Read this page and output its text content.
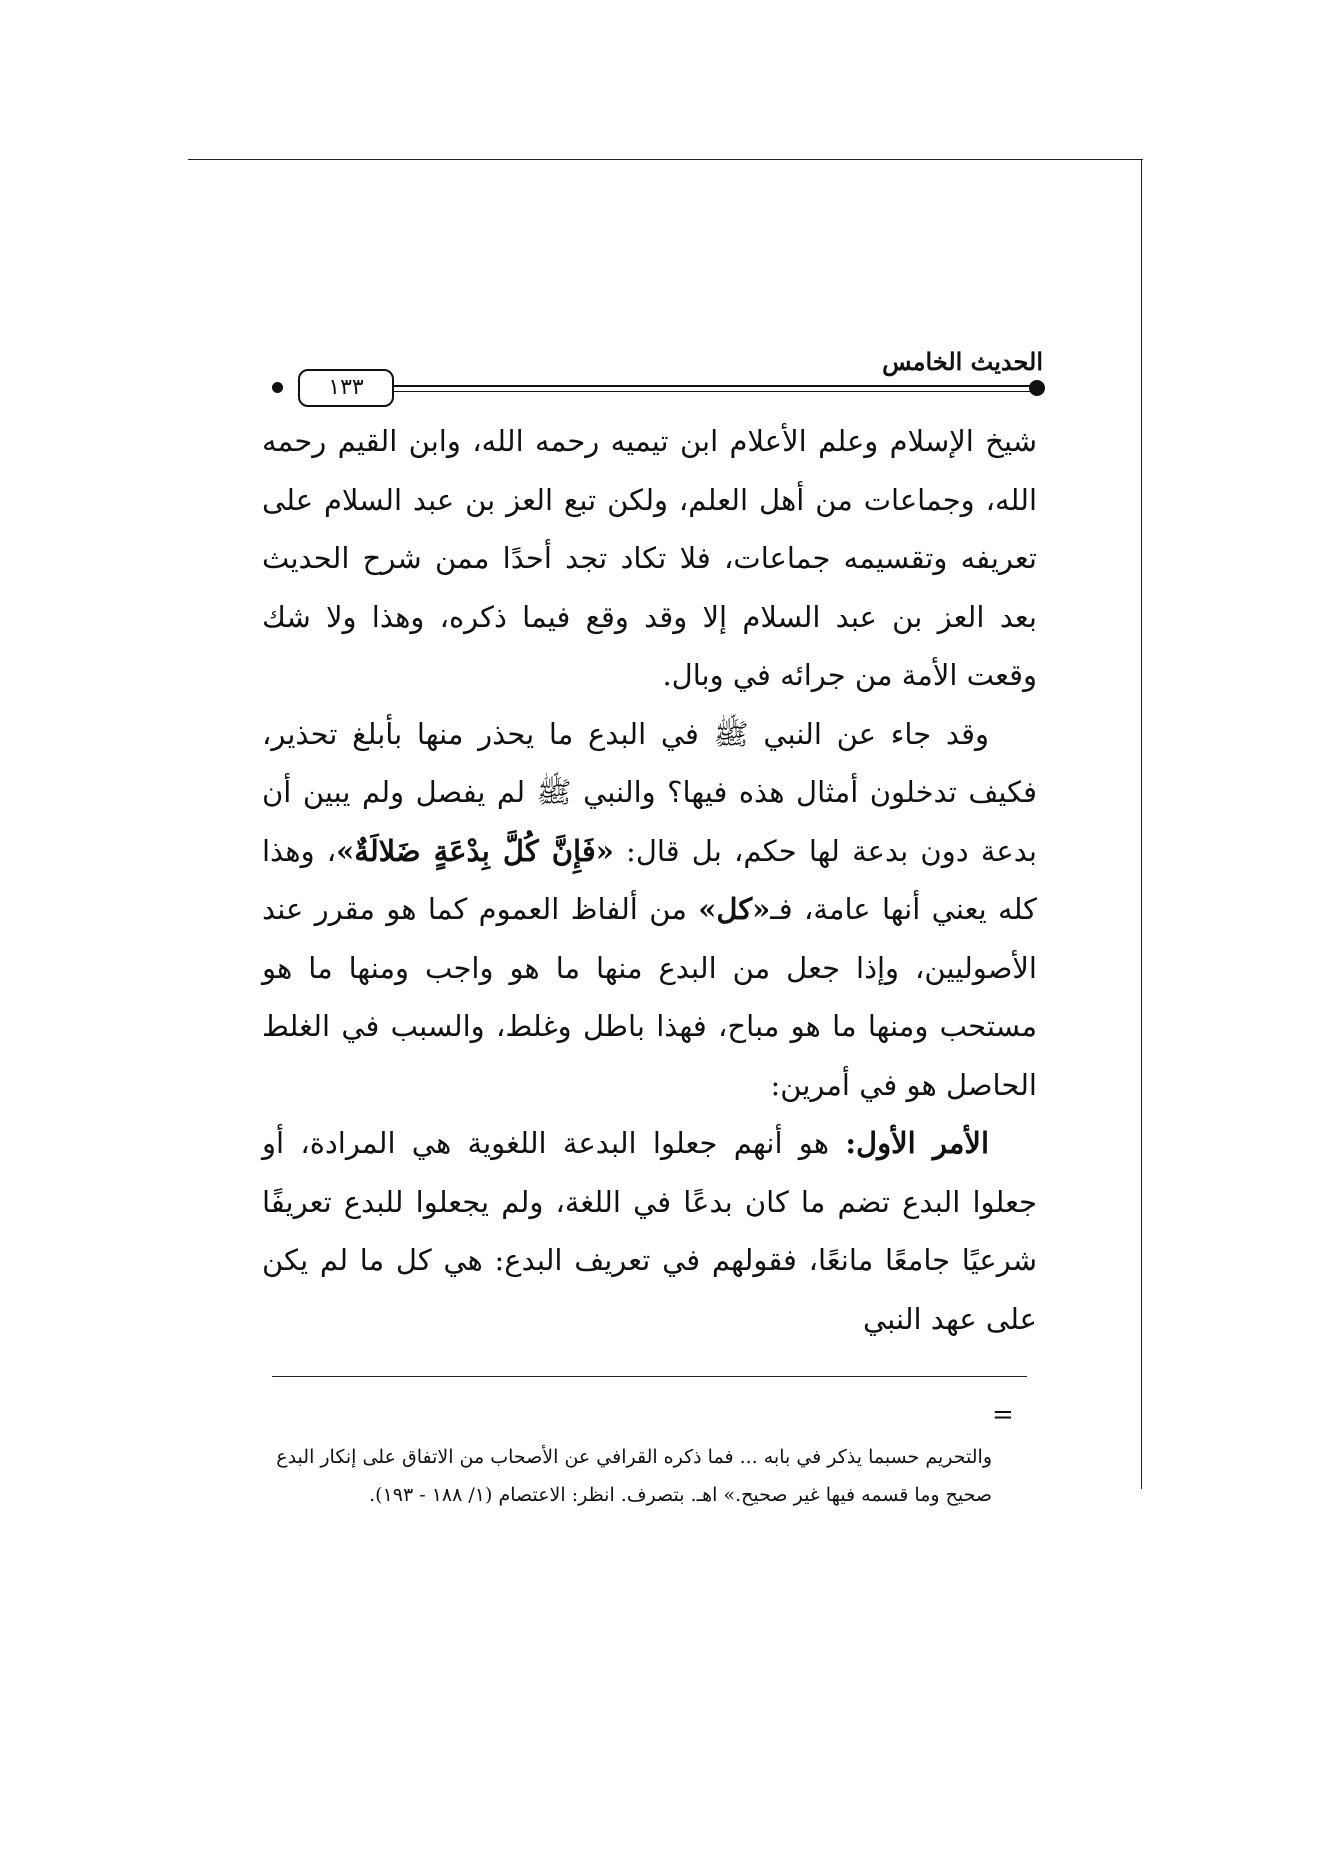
الحديث الخامس
١٣٣

شيخ الإسلام وعلم الأعلام ابن تيميه رحمه الله، وابن القيم رحمه الله، وجماعات من أهل العلم، ولكن تبع العز بن عبد السلام على تعريفه وتقسيمه جماعات، فلا تكاد تجد أحدًا ممن شرح الحديث بعد العز بن عبد السلام إلا وقد وقع فيما ذكره، وهذا ولا شك وقعت الأمة من جرائه في وبال.

وقد جاء عن النبي ﷺ في البدع ما يحذر منها بأبلغ تحذير، فكيف تدخلون أمثال هذه فيها؟ والنبي ﷺ لم يفصل ولم يبين أن بدعة دون بدعة لها حكم، بل قال: «فَإِنَّ كُلَّ بِدْعَةٍ ضَلالَةٌ»، وهذا كله يعني أنها عامة، فـ«كل» من ألفاظ العموم كما هو مقرر عند الأصوليين، وإذا جعل من البدع منها ما هو واجب ومنها ما هو مستحب ومنها ما هو مباح، فهذا باطل وغلط، والسبب في الغلط الحاصل هو في أمرين:

الأمر الأول: هو أنهم جعلوا البدعة اللغوية هي المرادة، أو جعلوا البدع تضم ما كان بدعًا في اللغة، ولم يجعلوا للبدع تعريفًا شرعيًا جامعًا مانعًا، فقولهم في تعريف البدع: هي كل ما لم يكن على عهد النبي

=

والتحريم حسبما يذكر في بابه ... فما ذكره القرافي عن الأصحاب من الاتفاق على إنكار البدع

صحيح وما قسمه فيها غير صحيح.» اهـ. بتصرف. انظر: الاعتصام (١/ ١٨٨ - ١٩٣).
